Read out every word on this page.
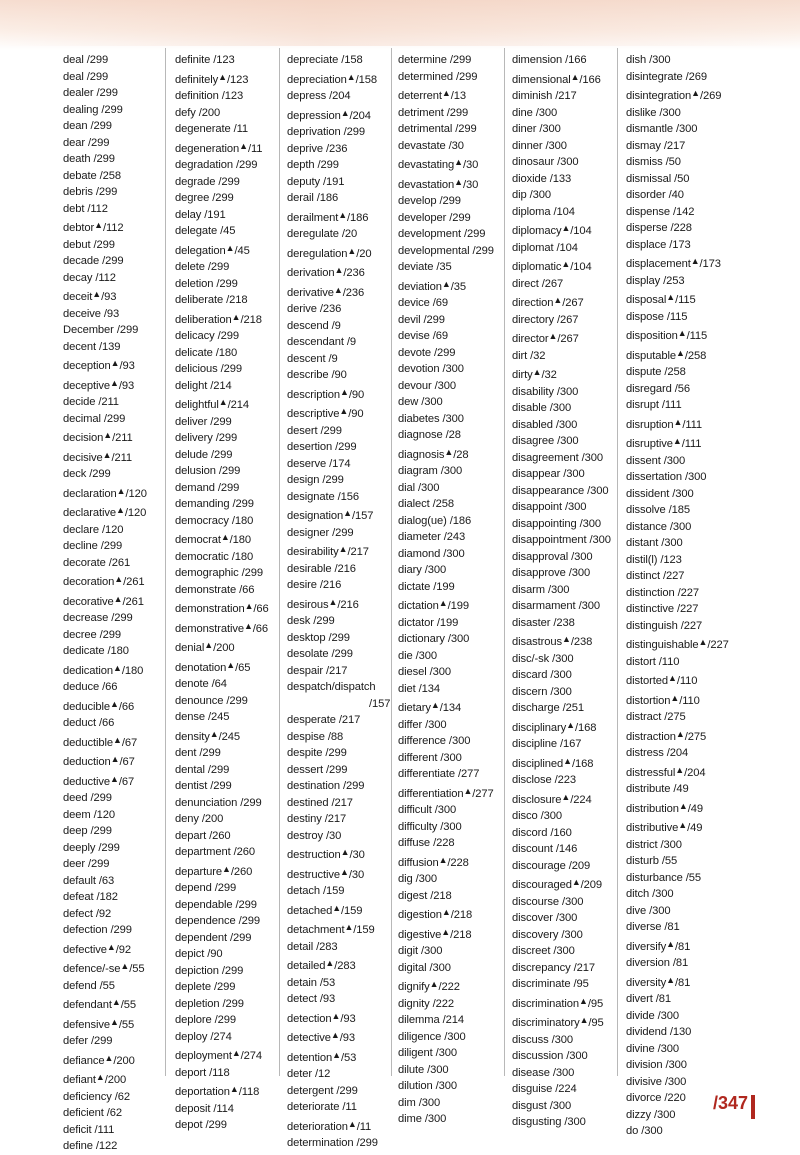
deal /299
deal /299
dealer /299
dealing /299
dean /299
dear /299
death /299
debate /258
debris /299
debt /112
debtor▲/112
debut /299
decade /299
decay /112
deceit▲/93
deceive /93
December /299
decent /139
deception▲/93
deceptive▲/93
decide /211
decimal /299
decision▲/211
decisive▲/211
deck /299
declaration▲/120
declarative▲/120
declare /120
decline /299
decorate /261
decoration▲/261
decorative▲/261
decrease /299
decree /299
dedicate /180
dedication▲/180
deduce /66
deducible▲/66
deduct /66
deductible▲/67
deduction▲/67
deductive▲/67
deed /299
deem /120
deep /299
deeply /299
deer /299
default /63
defeat /182
defect /92
defection /299
defective▲/92
defence/-se▲/55
defend /55
defendant▲/55
defensive▲/55
defer /299
defiance▲/200
defiant▲/200
deficiency /62
deficient /62
deficit /111
define /122
definite /123
definitely▲/123
definition /123
defy /200
degenerate /11
degeneration▲/11
degradation /299
degrade /299
degree /299
delay /191
delegate /45
delegation▲/45
delete /299
deletion /299
deliberate /218
deliberation▲/218
delicacy /299
delicate /180
delicious /299
delight /214
delightful▲/214
deliver /299
delivery /299
delude /299
delusion /299
demand /299
demanding /299
democracy /180
democrat▲/180
democratic /180
demographic /299
demonstrate /66
demonstration▲/66
demonstrative▲/66
denial▲/200
denotation▲/65
denote /64
denounce /299
dense /245
density▲/245
dent /299
dental /299
dentist /299
denunciation /299
deny /200
depart /260
department /260
departure▲/260
depend /299
dependable /299
dependence /299
dependent /299
depict /90
depiction /299
deplete /299
depletion /299
deplore /299
deploy /274
deployment▲/274
deport /118
deportation▲/118
deposit /114
depot /299
depreciate /158
depreciation▲/158
depress /204
depression▲/204
deprivation /299
deprive /236
depth /299
deputy /191
derail /186
derailment▲/186
deregulate /20
deregulation▲/20
derivation▲/236
derivative▲/236
derive /236
descend /9
descendant /9
descent /9
describe /90
description▲/90
descriptive▲/90
desert /299
desertion /299
deserve /174
design /299
designate /156
designation▲/157
designer /299
desirability▲/217
desirable /216
desire /216
desirous▲/216
desk /299
desktop /299
desolate /299
despair /217
despatch/dispatch
/157
desperate /217
despise /88
despite /299
dessert /299
destination /299
destined /217
destiny /217
destroy /30
destruction▲/30
destructive▲/30
detach /159
detached▲/159
detachment▲/159
detail /283
detailed▲/283
detain /53
detect /93
detection▲/93
detective▲/93
detention▲/53
deter /12
detergent /299
deteriorate /11
deterioration▲/11
determination /299
determine /299
determined /299
deterrent▲/13
detriment /299
detrimental /299
devastate /30
devastating▲/30
devastation▲/30
develop /299
developer /299
development /299
developmental /299
deviate /35
deviation▲/35
device /69
devil /299
devise /69
devote /299
devotion /300
devour /300
dew /300
diabetes /300
diagnose /28
diagnosis▲/28
diagram /300
dial /300
dialect /258
dialog(ue) /186
diameter /243
diamond /300
diary /300
dictate /199
dictation▲/199
dictator /199
dictionary /300
die /300
diesel /300
diet /134
dietary▲/134
differ /300
difference /300
different /300
differentiate /277
differentiation▲/277
difficult /300
difficulty /300
diffuse /228
diffusion▲/228
dig /300
digest /218
digestion▲/218
digestive▲/218
digit /300
digital /300
dignify▲/222
dignity /222
dilemma /214
diligence /300
diligent /300
dilute /300
dilution /300
dim /300
dime /300
dimension /166
dimensional▲/166
diminish /217
dine /300
diner /300
dinner /300
dinosaur /300
dioxide /133
dip /300
diploma /104
diplomacy▲/104
diplomat /104
diplomatic▲/104
direct /267
direction▲/267
directory /267
director▲/267
dirt /32
dirty▲/32
disability /300
disable /300
disabled /300
disagree /300
disagreement /300
disappear /300
disappearance /300
disappoint /300
disappointing /300
disappointment /300
disapproval /300
disapprove /300
disarm /300
disarmament /300
disaster /238
disastrous▲/238
disc/-sk /300
discard /300
discern /300
discharge /251
disciplinary▲/168
discipline /167
disciplined▲/168
disclose /223
disclosure▲/224
disco /300
discord /160
discount /146
discourage /209
discouraged▲/209
discourse /300
discover /300
discovery /300
discreet /300
discrepancy /217
discriminate /95
discrimination▲/95
discriminatory▲/95
discuss /300
discussion /300
disease /300
disguise /224
disgust /300
disgusting /300
dish /300
disintegrate /269
disintegration▲/269
dislike /300
dismantle /300
dismay /217
dismiss /50
dismissal /50
disorder /40
dispense /142
disperse /228
displace /173
displacement▲/173
display /253
disposal▲/115
dispose /115
disposition▲/115
disputable▲/258
dispute /258
disregard /56
disrupt /111
disruption▲/111
disruptive▲/111
dissent /300
dissertation /300
dissident /300
dissolve /185
distance /300
distant /300
distil(l) /123
distinct /227
distinction /227
distinctive /227
distinguish /227
distinguishable▲/227
distort /110
distorted▲/110
distortion▲/110
distract /275
distraction▲/275
distress /204
distressful▲/204
distribute /49
distribution▲/49
distributive▲/49
district /300
disturb /55
disturbance /55
ditch /300
dive /300
diverse /81
diversify▲/81
diversion /81
diversity▲/81
divert /81
divide /300
dividend /130
divine /300
division /300
divisive /300
divorce /220
dizzy /300
do /300
/347
